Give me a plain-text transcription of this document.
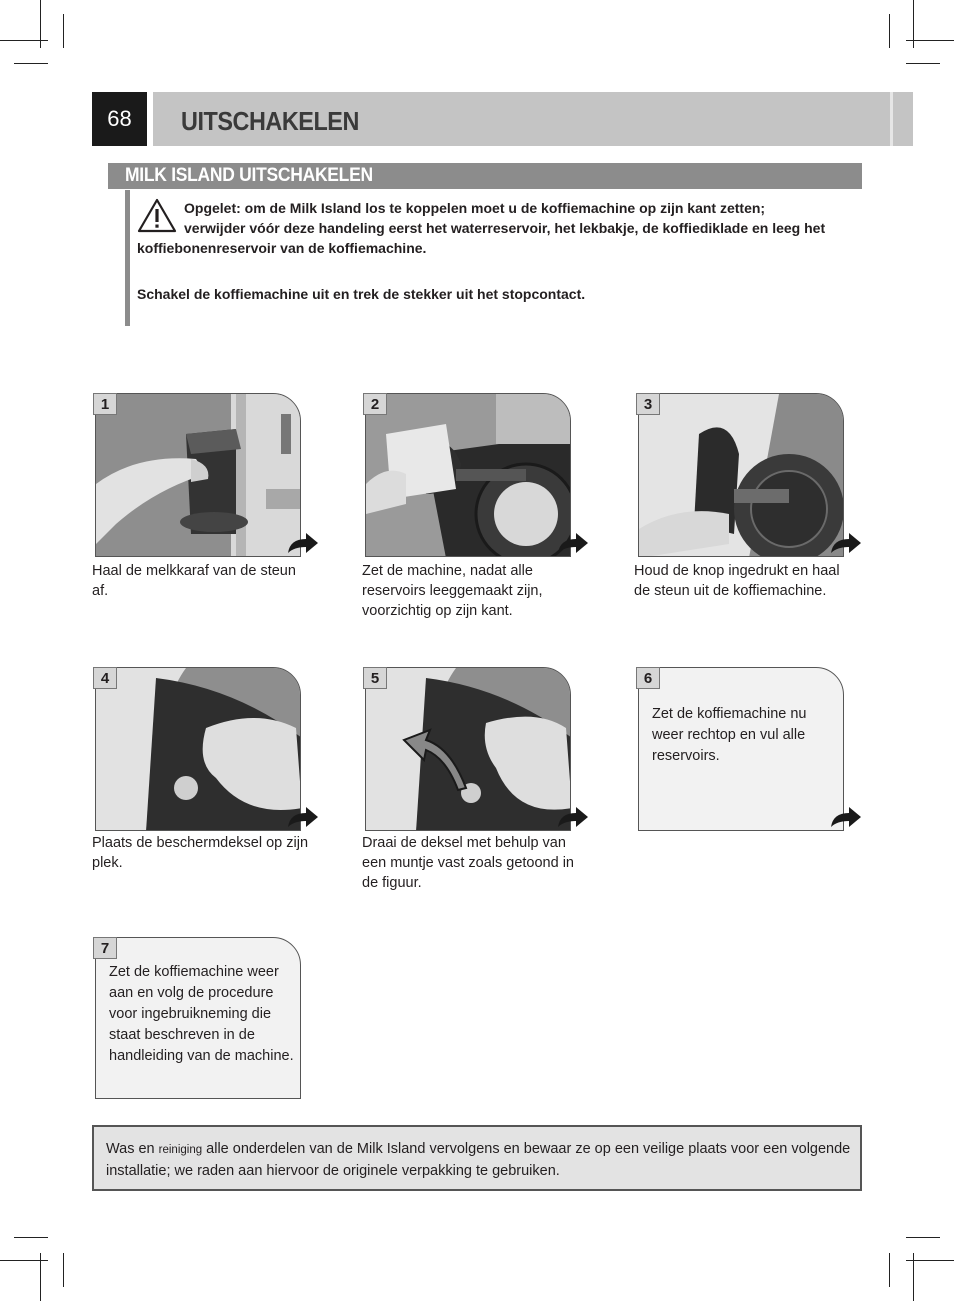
68	UITSCHAKELEN
MILK ISLAND UITSCHAKELEN

Opgelet: om de Milk Island los te koppelen moet u de koffiemachine op zijn kant zetten;

verwijder vóór deze handeling eerst het waterreservoir, het lekbakje, de koffiediklade en leeg het koffiebonenreservoir van de koffiemachine.

Schakel de koffiemachine uit en trek de stekker uit het stopcontact.

1
Haal de melkkaraf van de steun af.
2
Zet de machine, nadat alle reservoirs leeggemaakt zijn, voorzichtig op zijn kant.
3
Houd de knop ingedrukt en haal de steun uit de koffiemachine.
4
Plaats de beschermdeksel op zijn plek.
5
Draai de deksel met behulp van een muntje vast zoals getoond in de figuur.
6
Zet de koffiemachine nu weer rechtop en vul alle reservoirs.
7
Zet de koffiemachine weer aan en volg de procedure voor ingebruikneming die staat beschreven in de handleiding van de machine.
Was en reiniging alle onderdelen van de Milk Island vervolgens en bewaar ze op een veilige plaats voor een volgende installatie; we raden aan hiervoor de originele verpakking te gebruiken.
